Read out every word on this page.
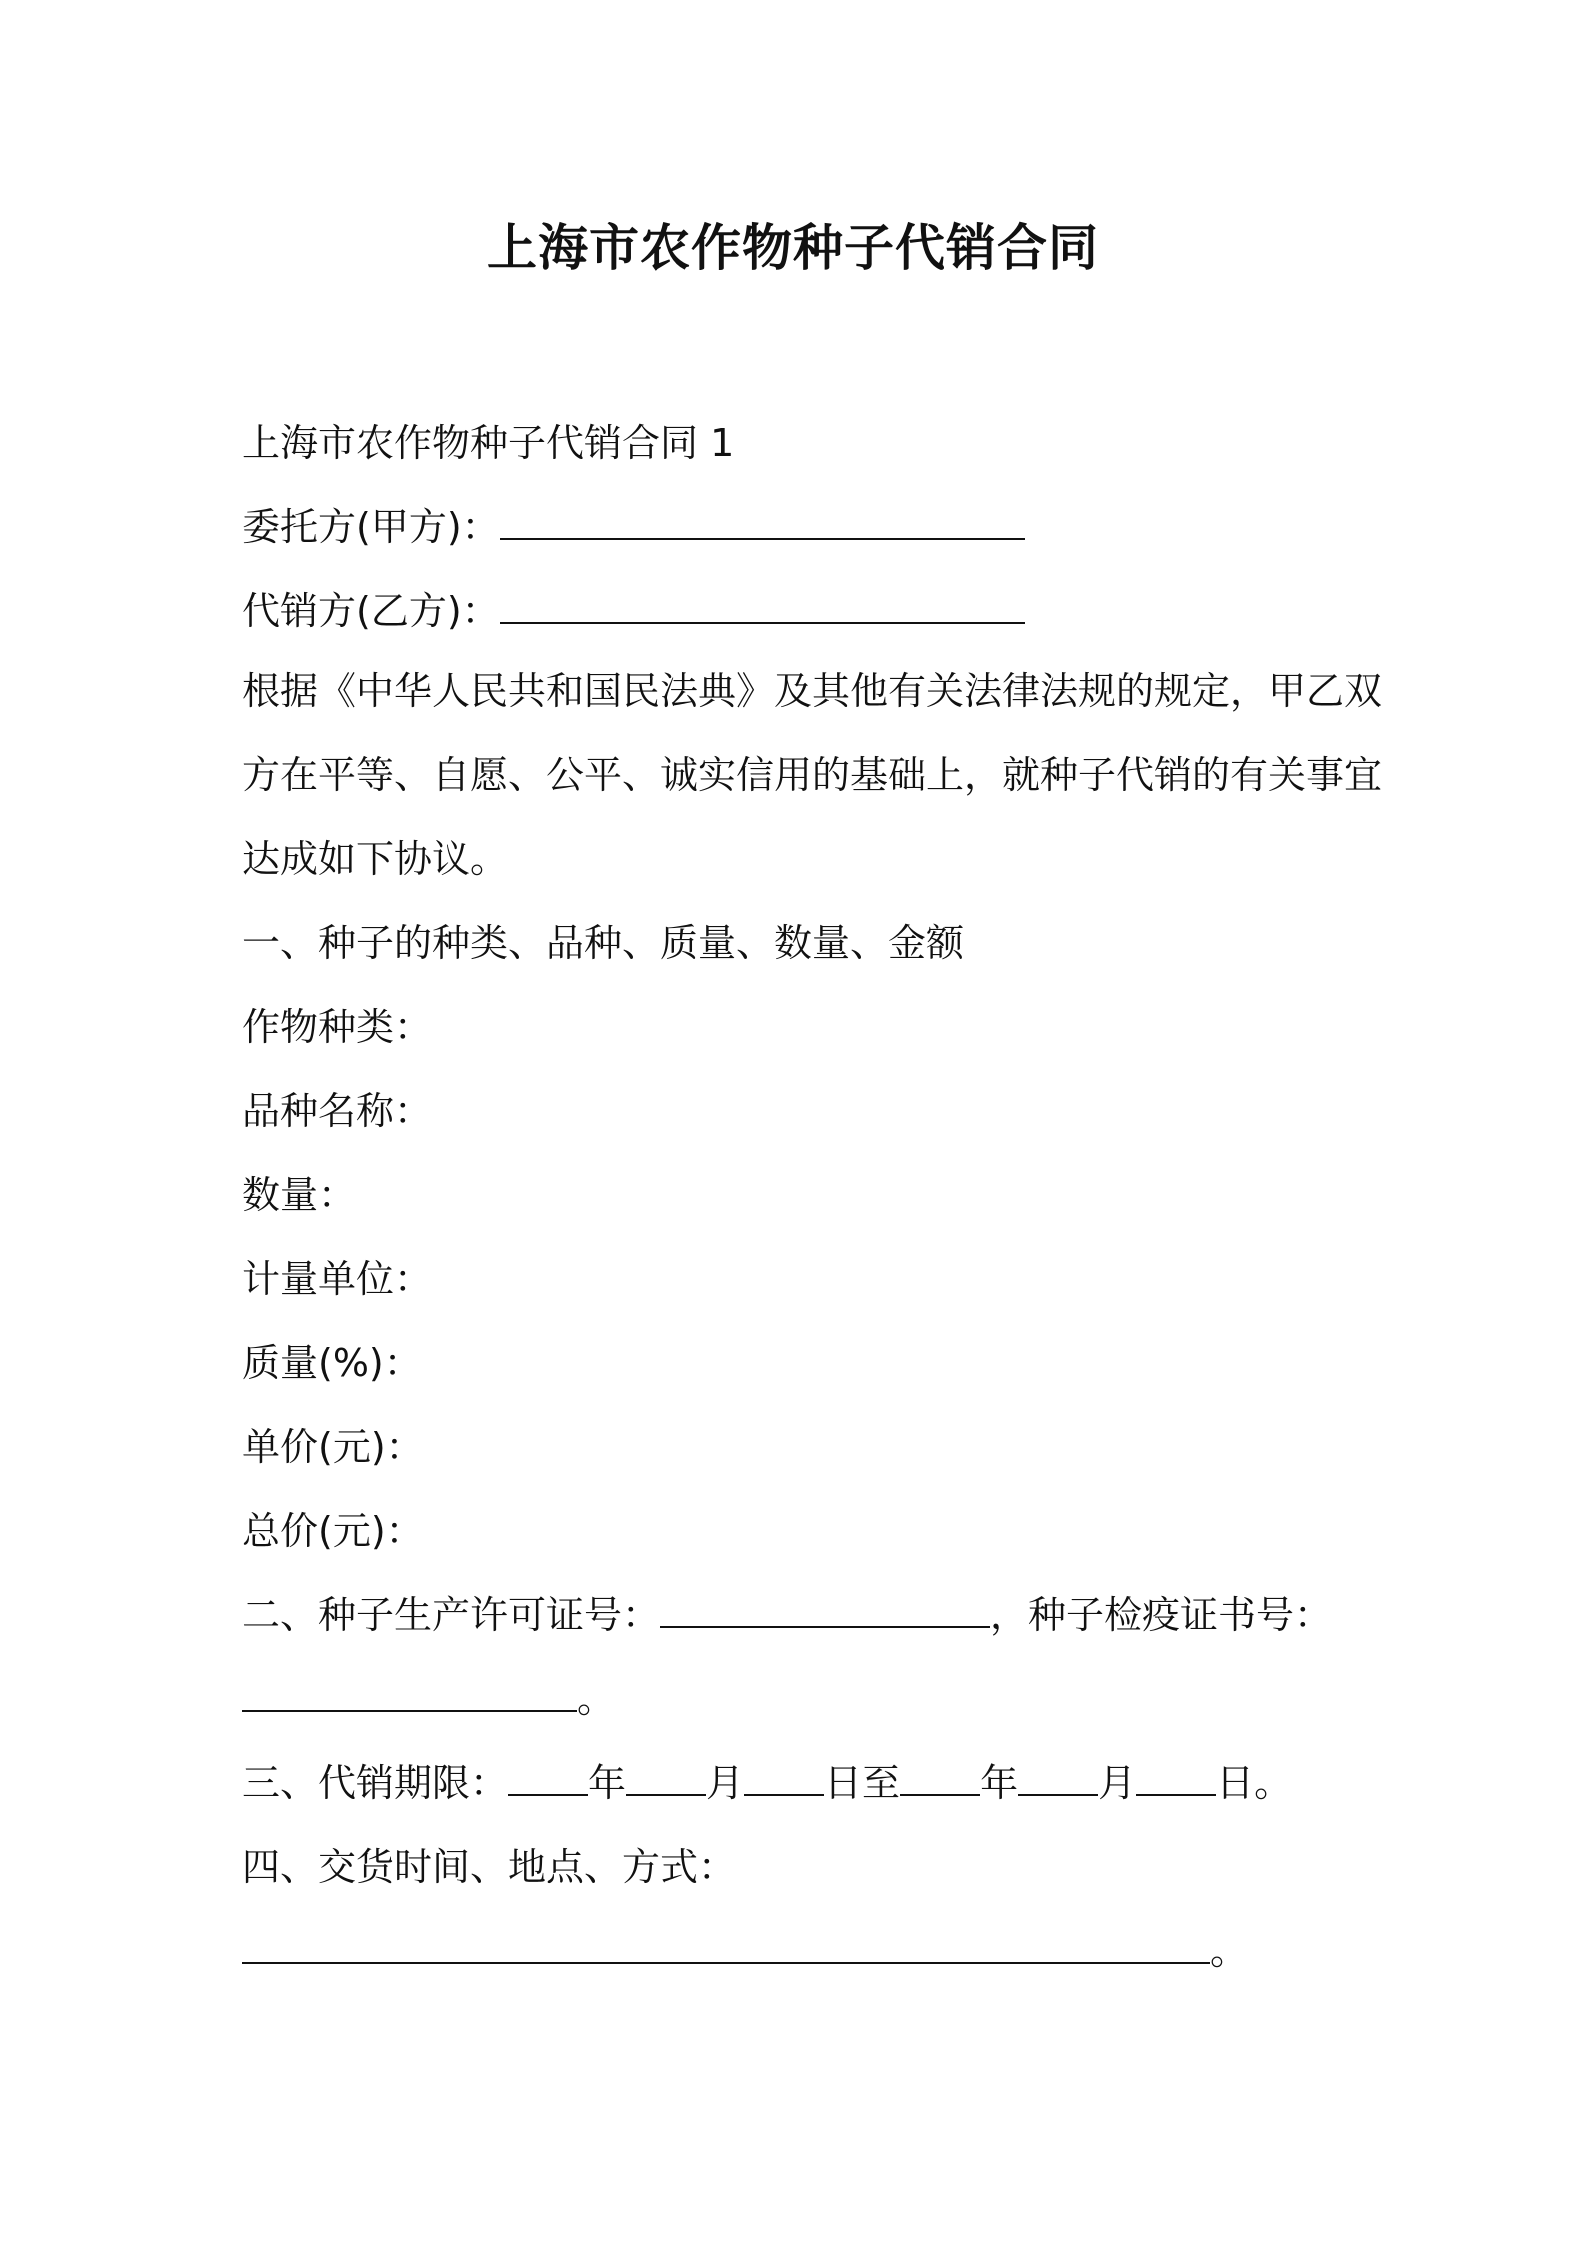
上海市农作物种子代销合同

上海市农作物种子代销合同 1

委托方(甲方)：

代销方(乙方)：

根据《中华人民共和国民法典》及其他有关法律法规的规定，甲乙双

方在平等、自愿、公平、诚实信用的基础上，就种子代销的有关事宜

达成如下协议。

一、种子的种类、品种、质量、数量、金额

作物种类：

品种名称：

数量：

计量单位：

质量(%)：

单价(元)：

总价(元)：

二、种子生产许可证号：	，种子检疫证书号：

。

三、代销期限： 年 月 日至 年 月 日。

四、交货时间、地点、方式：

。
